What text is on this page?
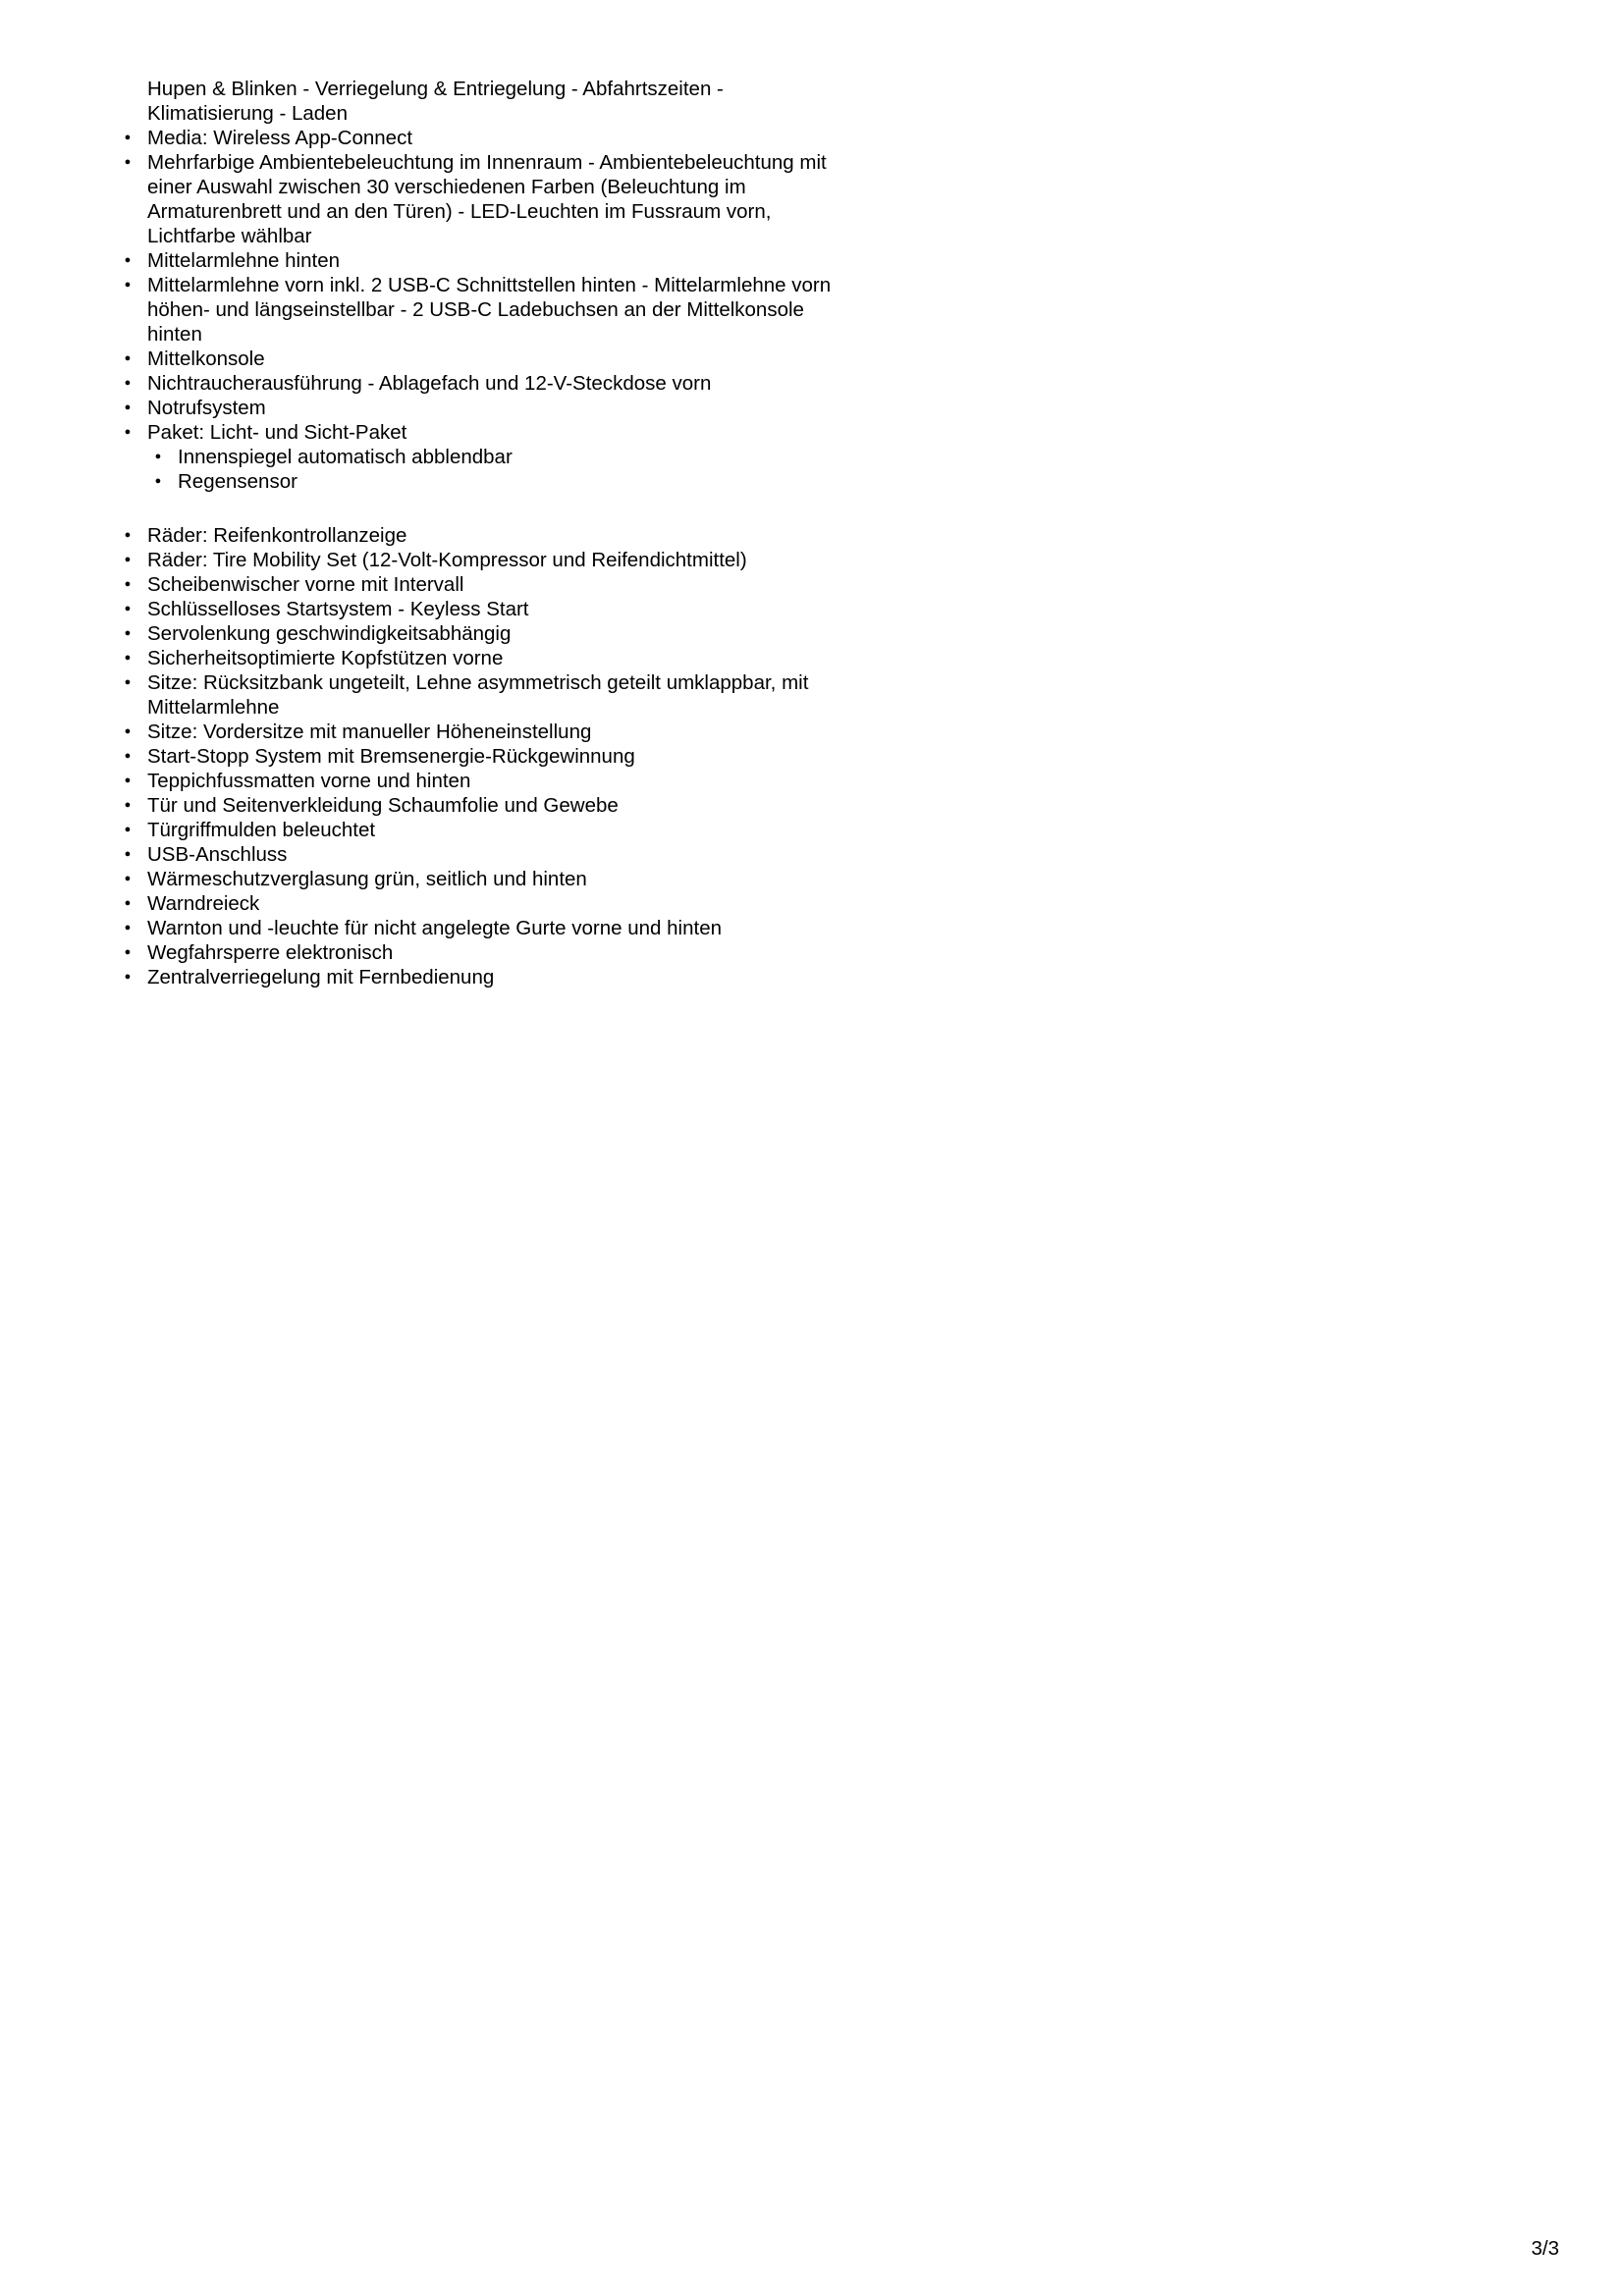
Hupen & Blinken - Verriegelung & Entriegelung - Abfahrtszeiten -
Klimatisierung - Laden
● Media: Wireless App-Connect
● Mehrfarbige Ambientebeleuchtung im Innenraum - Ambientebeleuchtung mit einer Auswahl zwischen 30 verschiedenen Farben (Beleuchtung im Armaturenbrett und an den Türen) - LED-Leuchten im Fussraum vorn, Lichtfarbe wählbar
● Mittelarmlehne hinten
● Mittelarmlehne vorn inkl. 2 USB-C Schnittstellen hinten - Mittelarmlehne vorn höhen- und längseinstellbar - 2 USB-C Ladebuchsen an der Mittelkonsole hinten
● Mittelkonsole
● Nichtraucherausführung - Ablagefach und 12-V-Steckdose vorn
● Notrufsystem
● Paket: Licht- und Sicht-Paket
● Innenspiegel automatisch abblendbar
● Regensensor
● Räder: Reifenkontrollanzeige
● Räder: Tire Mobility Set (12-Volt-Kompressor und Reifendichtmittel)
● Scheibenwischer vorne mit Intervall
● Schlüsselloses Startsystem - Keyless Start
● Servolenkung geschwindigkeitsabhängig
● Sicherheitsoptimierte Kopfstützen vorne
● Sitze: Rücksitzbank ungeteilt, Lehne asymmetrisch geteilt umklappbar, mit Mittelarmlehne
● Sitze: Vordersitze mit manueller Höheneinstellung
● Start-Stopp System mit Bremsenergie-Rückgewinnung
● Teppichfussmatten vorne und hinten
● Tür und Seitenverkleidung Schaumfolie und Gewebe
● Türgriffmulden beleuchtet
● USB-Anschluss
● Wärmeschutzverglasung grün, seitlich und hinten
● Warndreieck
● Warnton und -leuchte für nicht angelegte Gurte vorne und hinten
● Wegfahrsperre elektronisch
● Zentralverriegelung mit Fernbedienung
3/3
